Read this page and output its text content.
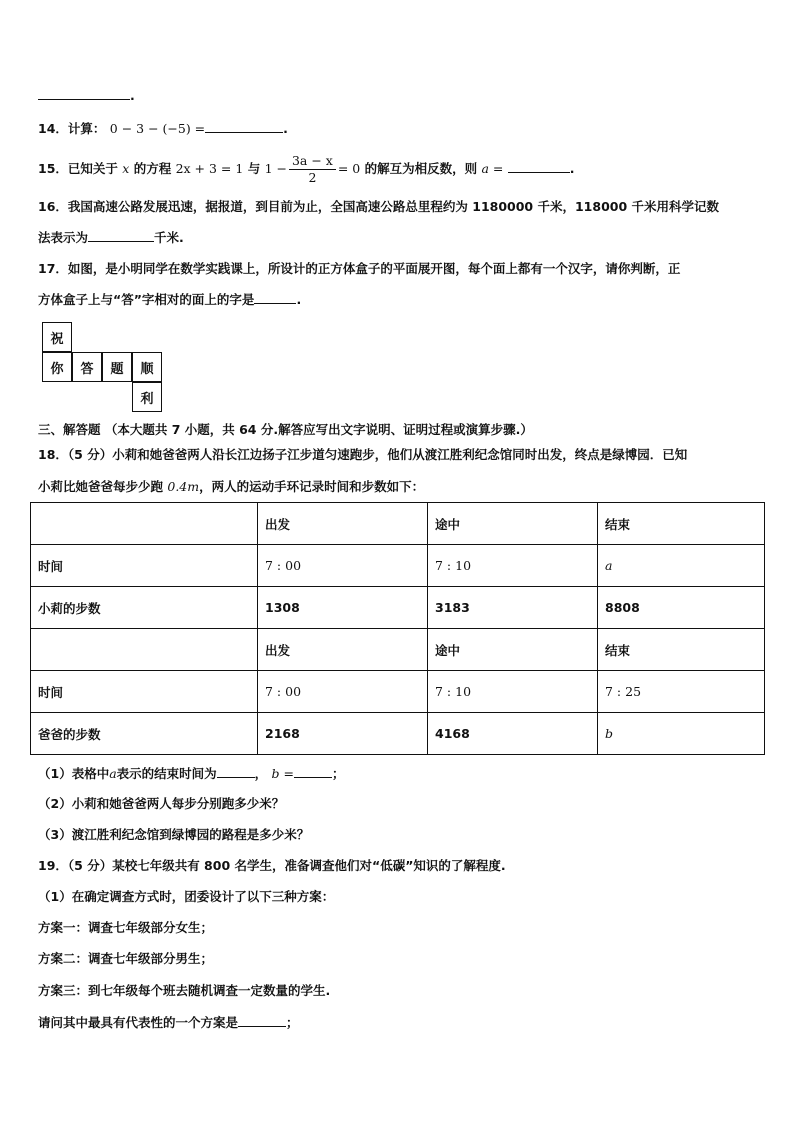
.
14．计算： 0 − 3 − (−5) =	.
15．已知关于 x 的方程 2x + 3 = 1 与 $1 - \frac{3a - x}{2} = 0$ 的解互为相反数，则 a =	.
16．我国高速公路发展迅速，据报道，到目前为止，全国高速公路总里程约为 1180000 千米，118000 千米用科学记数
法表示为	千米.
17．如图，是小明同学在数学实践课上，所设计的正方体盒子的平面展开图，每个面上都有一个汉字，请你判断，正
方体盒子上与“答”字相对的面上的字是	.
祝
你	答	题	顺
利
三、解答题 （本大题共 7 小题，共 64 分.解答应写出文字说明、证明过程或演算步骤.）
18．（5 分）小莉和她爸爸两人沿长江边扬子江步道匀速跑步，他们从渡江胜利纪念馆同时出发，终点是绿博园．已知
小莉比她爸爸每步少跑 0.4m，两人的运动手环记录时间和步数如下：
	出发	途中	结束
时间	7 : 00	7 : 10	a
小莉的步数	1308	3183	8808
	出发	途中	结束
时间	7 : 00	7 : 10	7 : 25
爸爸的步数	2168	4168	b
（1）表格中a表示的结束时间为	， b =	；
（2）小莉和她爸爸两人每步分别跑多少米？
（3）渡江胜利纪念馆到绿博园的路程是多少米？
19．（5 分）某校七年级共有 800 名学生，准备调查他们对“低碳”知识的了解程度.
（1）在确定调查方式时，团委设计了以下三种方案：
方案一：调查七年级部分女生；
方案二：调查七年级部分男生；
方案三：到七年级每个班去随机调查一定数量的学生.
请问其中最具有代表性的一个方案是	；
